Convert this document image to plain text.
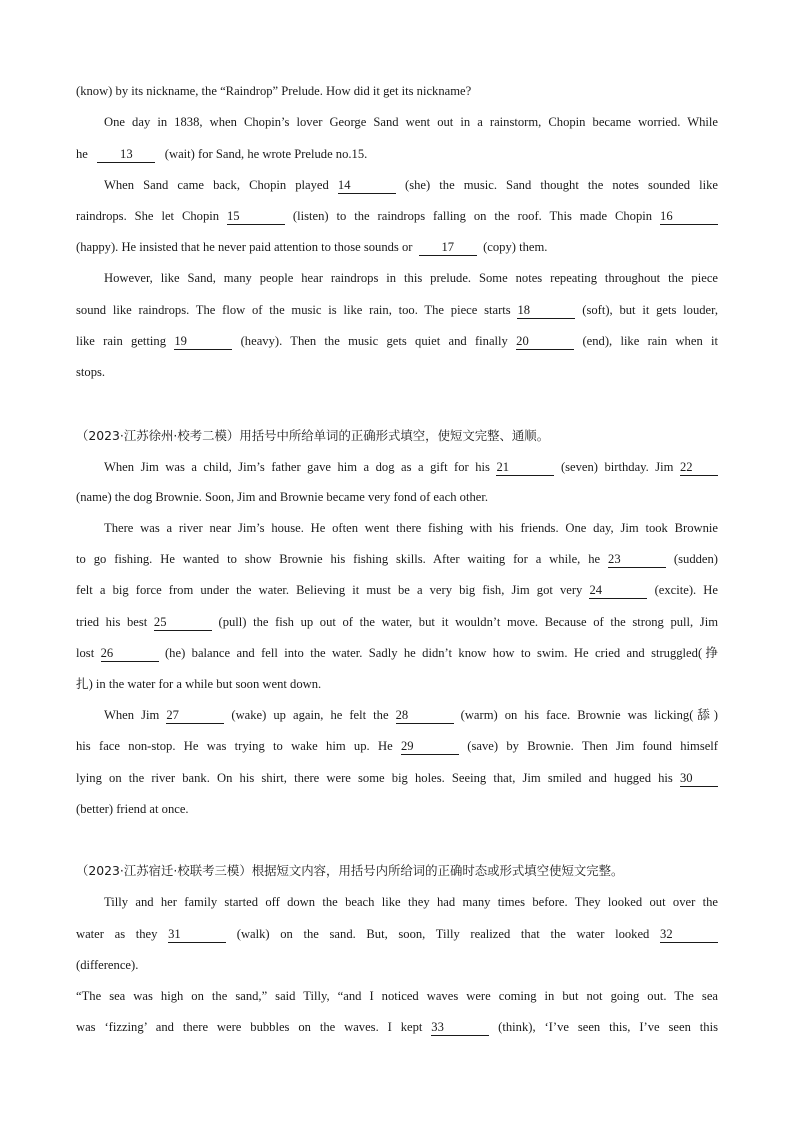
(know) by its nickname, the “Raindrop” Prelude. How did it get its nickname?
One day in 1838, when Chopin’s lover George Sand went out in a rainstorm, Chopin became worried. While
he	13	(wait) for Sand, he wrote Prelude no.15.
When Sand came back, Chopin played 14	(she) the music. Sand thought the notes sounded like
raindrops. She let Chopin 15	(listen) to the raindrops falling on the roof. This made Chopin 16
(happy). He insisted that he never paid attention to those sounds or 17 (copy) them.
However, like Sand, many people hear raindrops in this prelude. Some notes repeating throughout the piece
sound like raindrops. The flow of the music is like rain, too. The piece starts 18	(soft), but it gets louder,
like rain getting 19	(heavy). Then the music gets quiet and finally 20	(end), like rain when it
stops.
（2023·江苏徐州·校考二模）用括号中所给单词的正确形式填空，使短文完整、通顺。
When Jim was a child, Jim’s father gave him a dog as a gift for his 21	(seven) birthday. Jim 22
(name) the dog Brownie. Soon, Jim and Brownie became very fond of each other.
There was a river near Jim’s house. He often went there fishing with his friends. One day, Jim took Brownie
to go fishing. He wanted to show Brownie his fishing skills. After waiting for a while, he 23	(sudden)
felt a big force from under the water. Believing it must be a very big fish, Jim got very 24	(excite). He
tried his best 25	(pull) the fish up out of the water, but it wouldn’t move. Because of the strong pull, Jim
lost 26	(he) balance and fell into the water. Sadly he didn’t know how to swim. He cried and struggled(挣
扎) in the water for a while but soon went down.
When Jim 27	(wake) up again, he felt the 28	(warm) on his face. Brownie was licking(舔)
his face non-stop. He was trying to wake him up. He 29	(save) by Brownie. Then Jim found himself
lying on the river bank. On his shirt, there were some big holes. Seeing that, Jim smiled and hugged his 30
(better) friend at once.
（2023·江苏宿迁·校联考三模）根据短文内容，用括号内所给词的正确时态或形式填空使短文完整。
Tilly and her family started off down the beach like they had many times before. They looked out over the
water as they 31	(walk) on the sand. But, soon, Tilly realized that the water looked 32
(difference).
“The sea was high on the sand,” said Tilly, “and I noticed waves were coming in but not going out. The sea
was ‘fizzing’ and there were bubbles on the waves. I kept 33	(think), ‘I’ve seen this, I’ve seen this
